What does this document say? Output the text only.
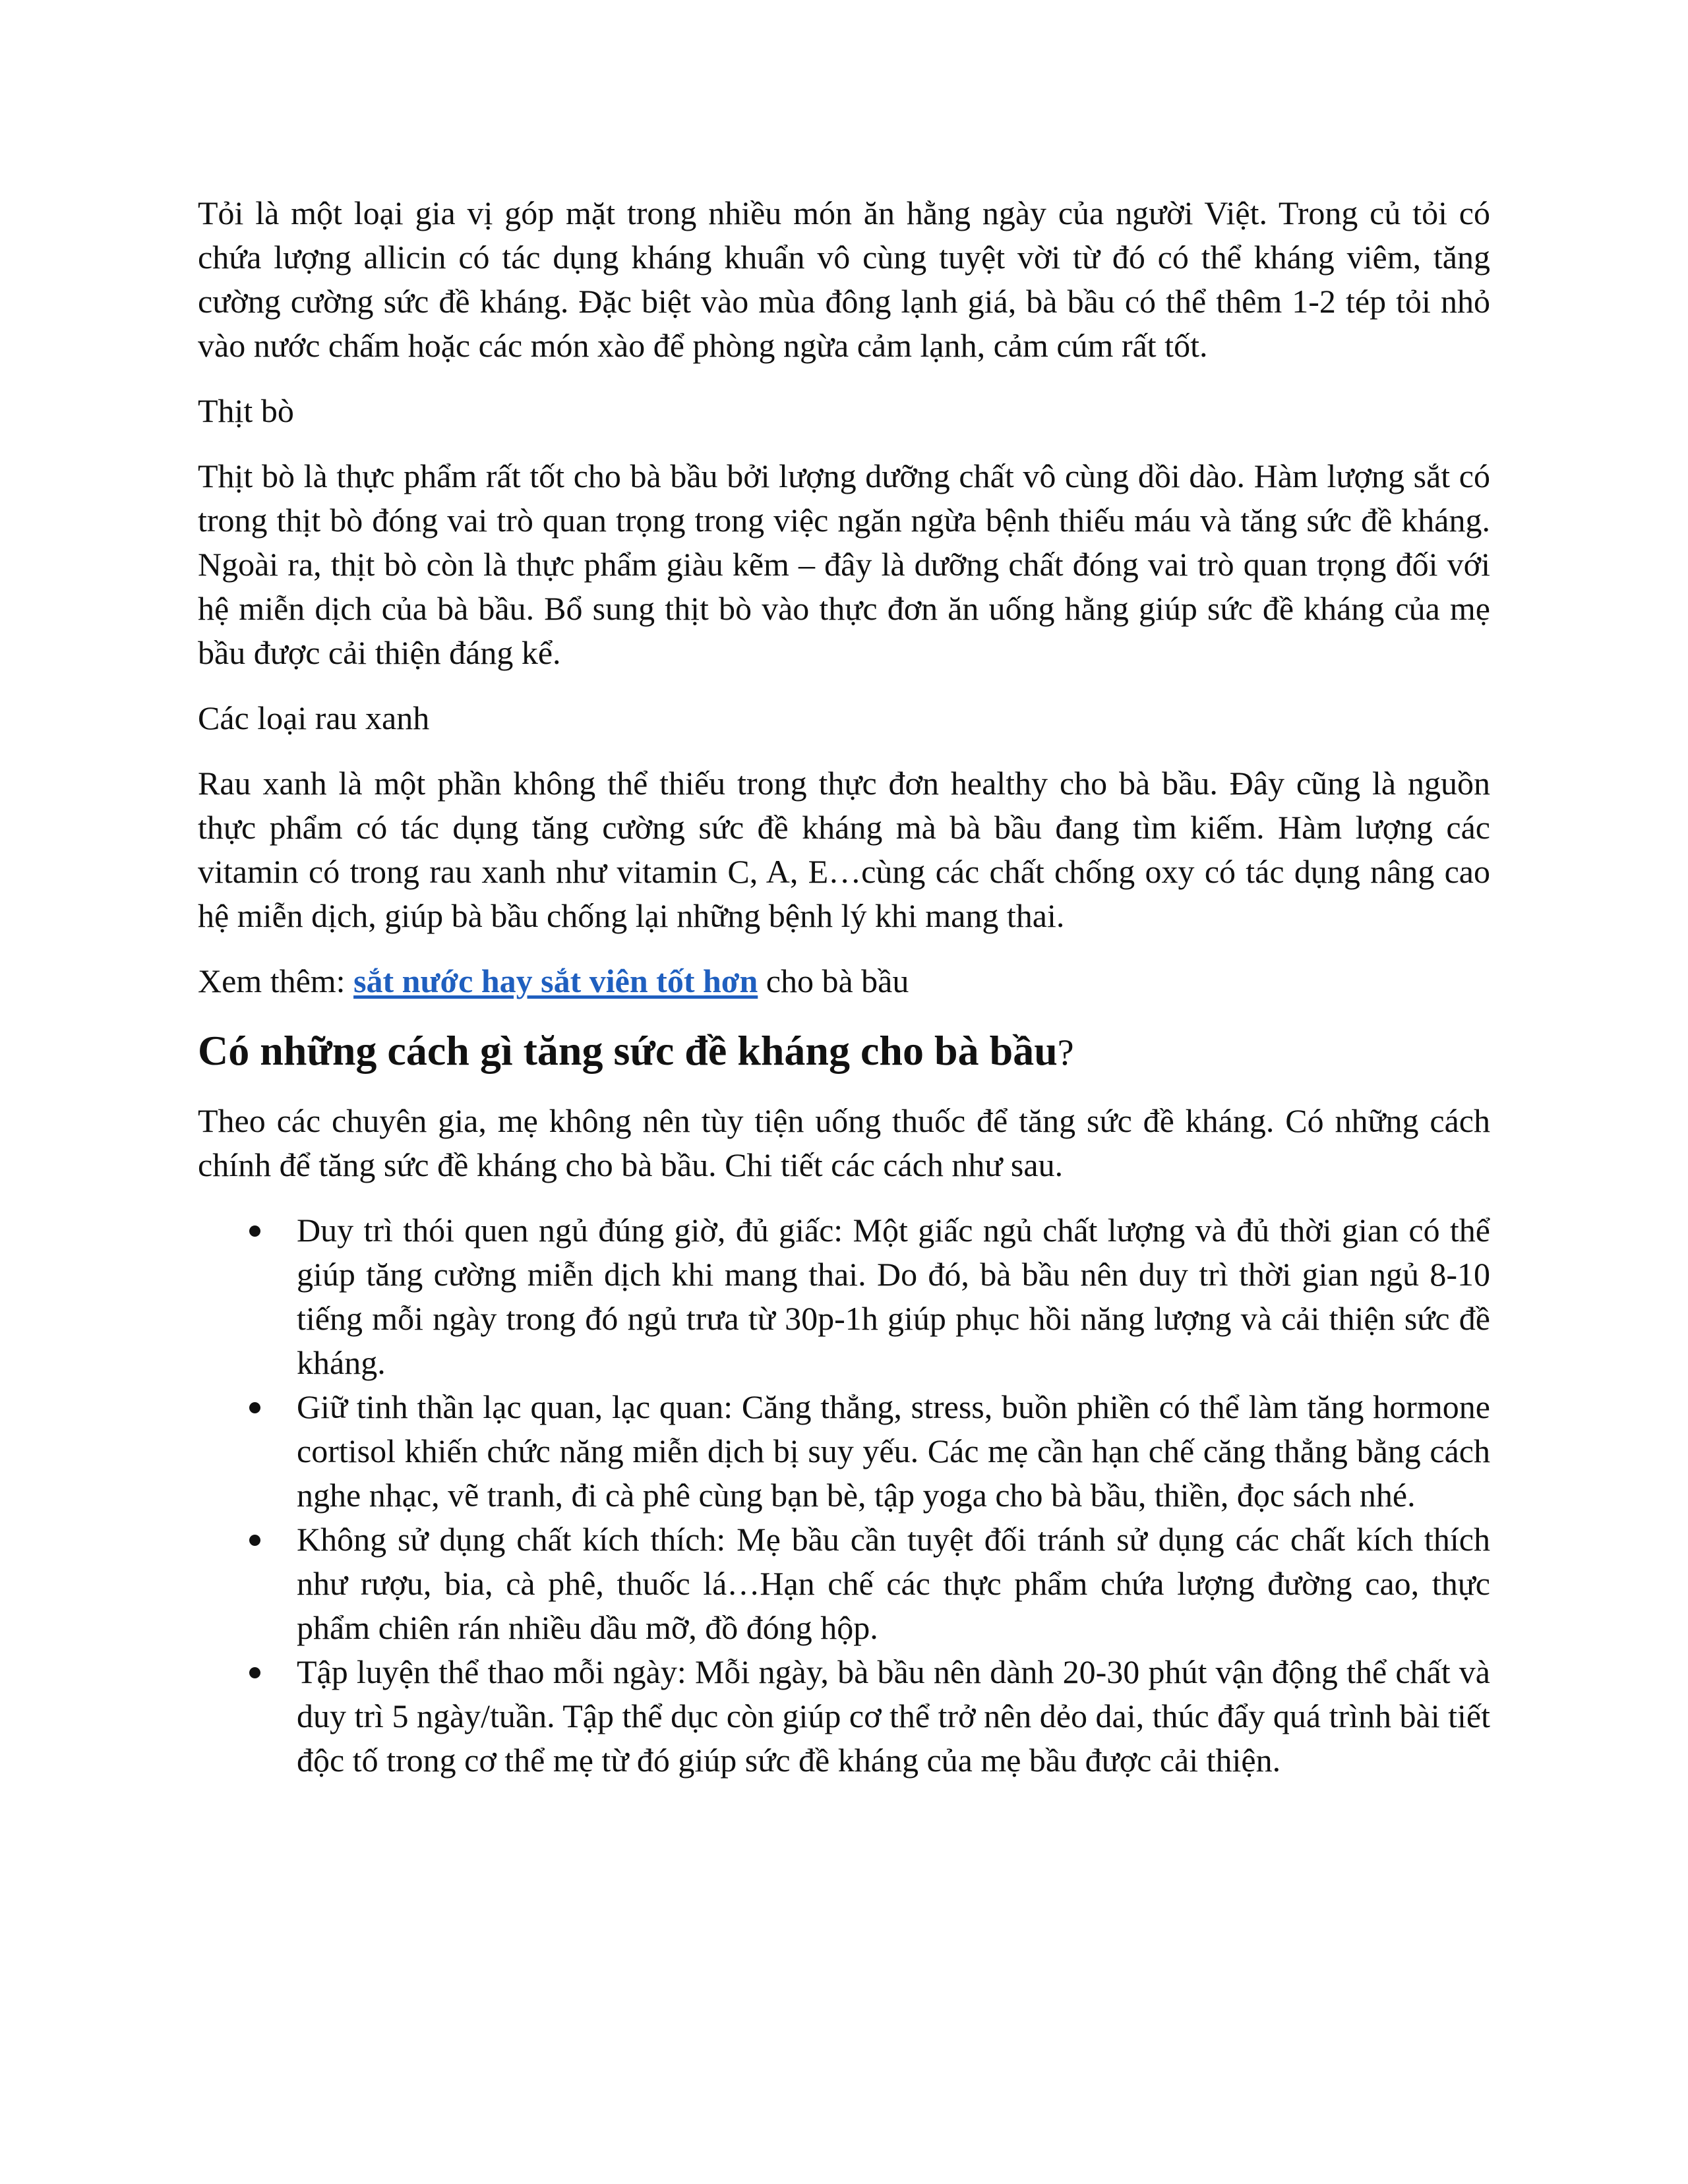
Tỏi là một loại gia vị góp mặt trong nhiều món ăn hằng ngày của người Việt. Trong củ tỏi có chứa lượng allicin có tác dụng kháng khuẩn vô cùng tuyệt vời từ đó có thể kháng viêm, tăng cường cường sức đề kháng. Đặc biệt vào mùa đông lạnh giá, bà bầu có thể thêm 1-2 tép tỏi nhỏ vào nước chấm hoặc các món xào để phòng ngừa cảm lạnh, cảm cúm rất tốt.

Thịt bò

Thịt bò là thực phẩm rất tốt cho bà bầu bởi lượng dưỡng chất vô cùng dồi dào. Hàm lượng sắt có trong thịt bò đóng vai trò quan trọng trong việc ngăn ngừa bệnh thiếu máu và tăng sức đề kháng. Ngoài ra, thịt bò còn là thực phẩm giàu kẽm – đây là dưỡng chất đóng vai trò quan trọng đối với hệ miễn dịch của bà bầu. Bổ sung thịt bò vào thực đơn ăn uống hằng giúp sức đề kháng của mẹ bầu được cải thiện đáng kể.

Các loại rau xanh

Rau xanh là một phần không thể thiếu trong thực đơn healthy cho bà bầu. Đây cũng là nguồn thực phẩm có tác dụng tăng cường sức đề kháng mà bà bầu đang tìm kiếm. Hàm lượng các vitamin có trong rau xanh như vitamin C, A, E…cùng các chất chống oxy có tác dụng nâng cao hệ miễn dịch, giúp bà bầu chống lại những bệnh lý khi mang thai.

Xem thêm: sắt nước hay sắt viên tốt hơn cho bà bầu

Có những cách gì tăng sức đề kháng cho bà bầu?

Theo các chuyên gia, mẹ không nên tùy tiện uống thuốc để tăng sức đề kháng. Có những cách chính để tăng sức đề kháng cho bà bầu. Chi tiết các cách như sau.

Duy trì thói quen ngủ đúng giờ, đủ giấc: Một giấc ngủ chất lượng và đủ thời gian có thể giúp tăng cường miễn dịch khi mang thai. Do đó, bà bầu nên duy trì thời gian ngủ 8-10 tiếng mỗi ngày trong đó ngủ trưa từ 30p-1h giúp phục hồi năng lượng và cải thiện sức đề kháng.
Giữ tinh thần lạc quan, lạc quan: Căng thẳng, stress, buồn phiền có thể làm tăng hormone cortisol khiến chức năng miễn dịch bị suy yếu. Các mẹ cần hạn chế căng thẳng bằng cách nghe nhạc, vẽ tranh, đi cà phê cùng bạn bè, tập yoga cho bà bầu, thiền, đọc sách nhé.
Không sử dụng chất kích thích: Mẹ bầu cần tuyệt đối tránh sử dụng các chất kích thích như rượu, bia, cà phê, thuốc lá…Hạn chế các thực phẩm chứa lượng đường cao, thực phẩm chiên rán nhiều dầu mỡ, đồ đóng hộp.
Tập luyện thể thao mỗi ngày: Mỗi ngày, bà bầu nên dành 20-30 phút vận động thể chất và duy trì 5 ngày/tuần. Tập thể dục còn giúp cơ thể trở nên dẻo dai, thúc đẩy quá trình bài tiết độc tố trong cơ thể mẹ từ đó giúp sức đề kháng của mẹ bầu được cải thiện.
